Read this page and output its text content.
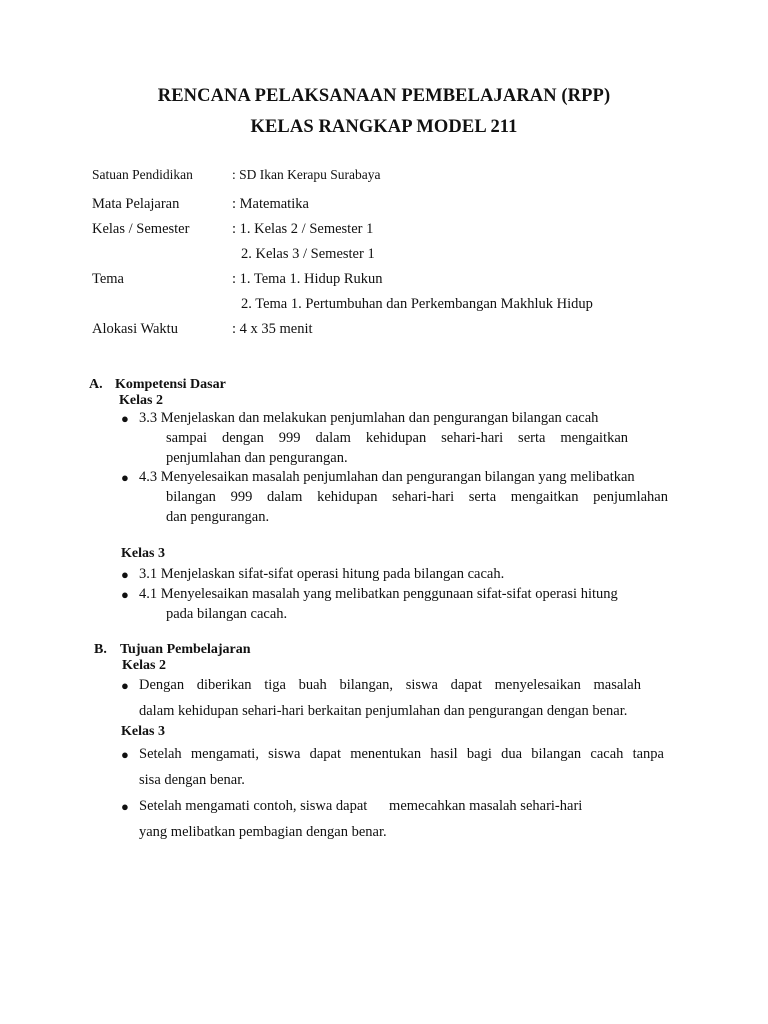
RENCANA PELAKSANAAN PEMBELAJARAN (RPP)
KELAS RANGKAP MODEL 211
Satuan Pendidikan	: SD Ikan Kerapu Surabaya
Mata Pelajaran	: Matematika
Kelas / Semester	: 1. Kelas 2 / Semester 1
2. Kelas 3 / Semester 1
Tema	: 1. Tema 1. Hidup Rukun
2. Tema 1. Pertumbuhan dan Perkembangan Makhluk Hidup
Alokasi Waktu	: 4 x 35 menit
A. Kompetensi Dasar
Kelas 2
● 3.3 Menjelaskan dan melakukan penjumlahan dan pengurangan bilangan cacah
sampai dengan 999 dalam kehidupan sehari-hari serta mengaitkan
penjumlahan dan pengurangan.
● 4.3 Menyelesaikan masalah penjumlahan dan pengurangan bilangan yang melibatkan
bilangan 999 dalam kehidupan sehari-hari serta mengaitkan penjumlahan
dan pengurangan.
Kelas 3
● 3.1 Menjelaskan sifat-sifat operasi hitung pada bilangan cacah.
● 4.1 Menyelesaikan masalah yang melibatkan penggunaan sifat-sifat operasi hitung
pada bilangan cacah.
B. Tujuan Pembelajaran
Kelas 2
● Dengan diberikan tiga buah bilangan, siswa dapat menyelesaikan masalah
dalam kehidupan sehari-hari berkaitan penjumlahan dan pengurangan dengan benar.
Kelas 3
● Setelah mengamati, siswa dapat menentukan hasil bagi dua bilangan cacah tanpa
sisa dengan benar.
● Setelah mengamati contoh, siswa dapat      memecahkan masalah sehari-hari
yang melibatkan pembagian dengan benar.
